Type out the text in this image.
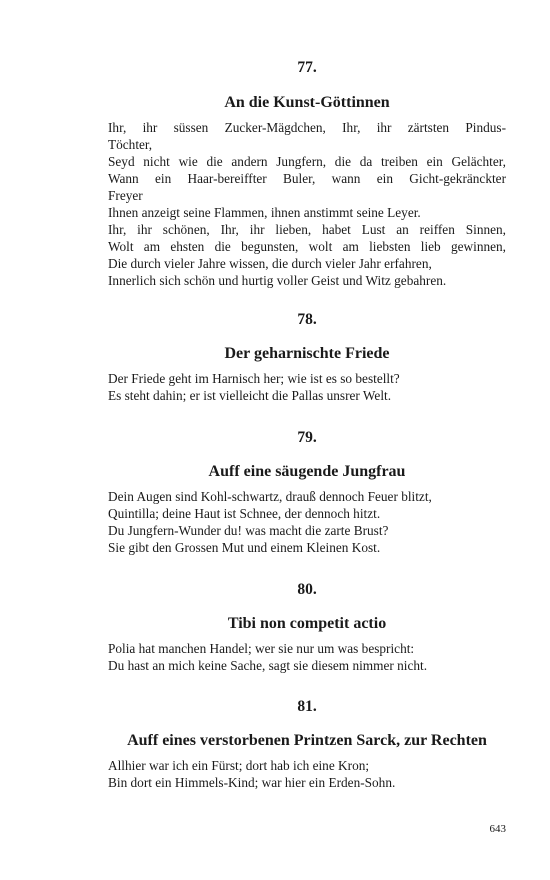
77.
An die Kunst-Göttinnen
Ihr, ihr süssen Zucker-Mägdchen, Ihr, ihr zärtsten Pindus-
Töchter,
Seyd nicht wie die andern Jungfern, die da treiben ein Gelächter,
Wann ein Haar-bereiffter Buler, wann ein Gicht-gekränckter
Freyer
Ihnen anzeigt seine Flammen, ihnen anstimmt seine Leyer.
Ihr, ihr schönen, Ihr, ihr lieben, habet Lust an reiffen Sinnen,
Wolt am ehsten die begunsten, wolt am liebsten lieb gewinnen,
Die durch vieler Jahre wissen, die durch vieler Jahr erfahren,
Innerlich sich schön und hurtig voller Geist und Witz gebahren.
78.
Der geharnischte Friede
Der Friede geht im Harnisch her; wie ist es so bestellt?
Es steht dahin; er ist vielleicht die Pallas unsrer Welt.
79.
Auff eine säugende Jungfrau
Dein Augen sind Kohl-schwartz, drauß dennoch Feuer blitzt,
Quintilla; deine Haut ist Schnee, der dennoch hitzt.
Du Jungfern-Wunder du! was macht die zarte Brust?
Sie gibt den Grossen Mut und einem Kleinen Kost.
80.
Tibi non competit actio
Polia hat manchen Handel; wer sie nur um was bespricht:
Du hast an mich keine Sache, sagt sie diesem nimmer nicht.
81.
Auff eines verstorbenen Printzen Sarck, zur Rechten
Allhier war ich ein Fürst; dort hab ich eine Kron;
Bin dort ein Himmels-Kind; war hier ein Erden-Sohn.
643
